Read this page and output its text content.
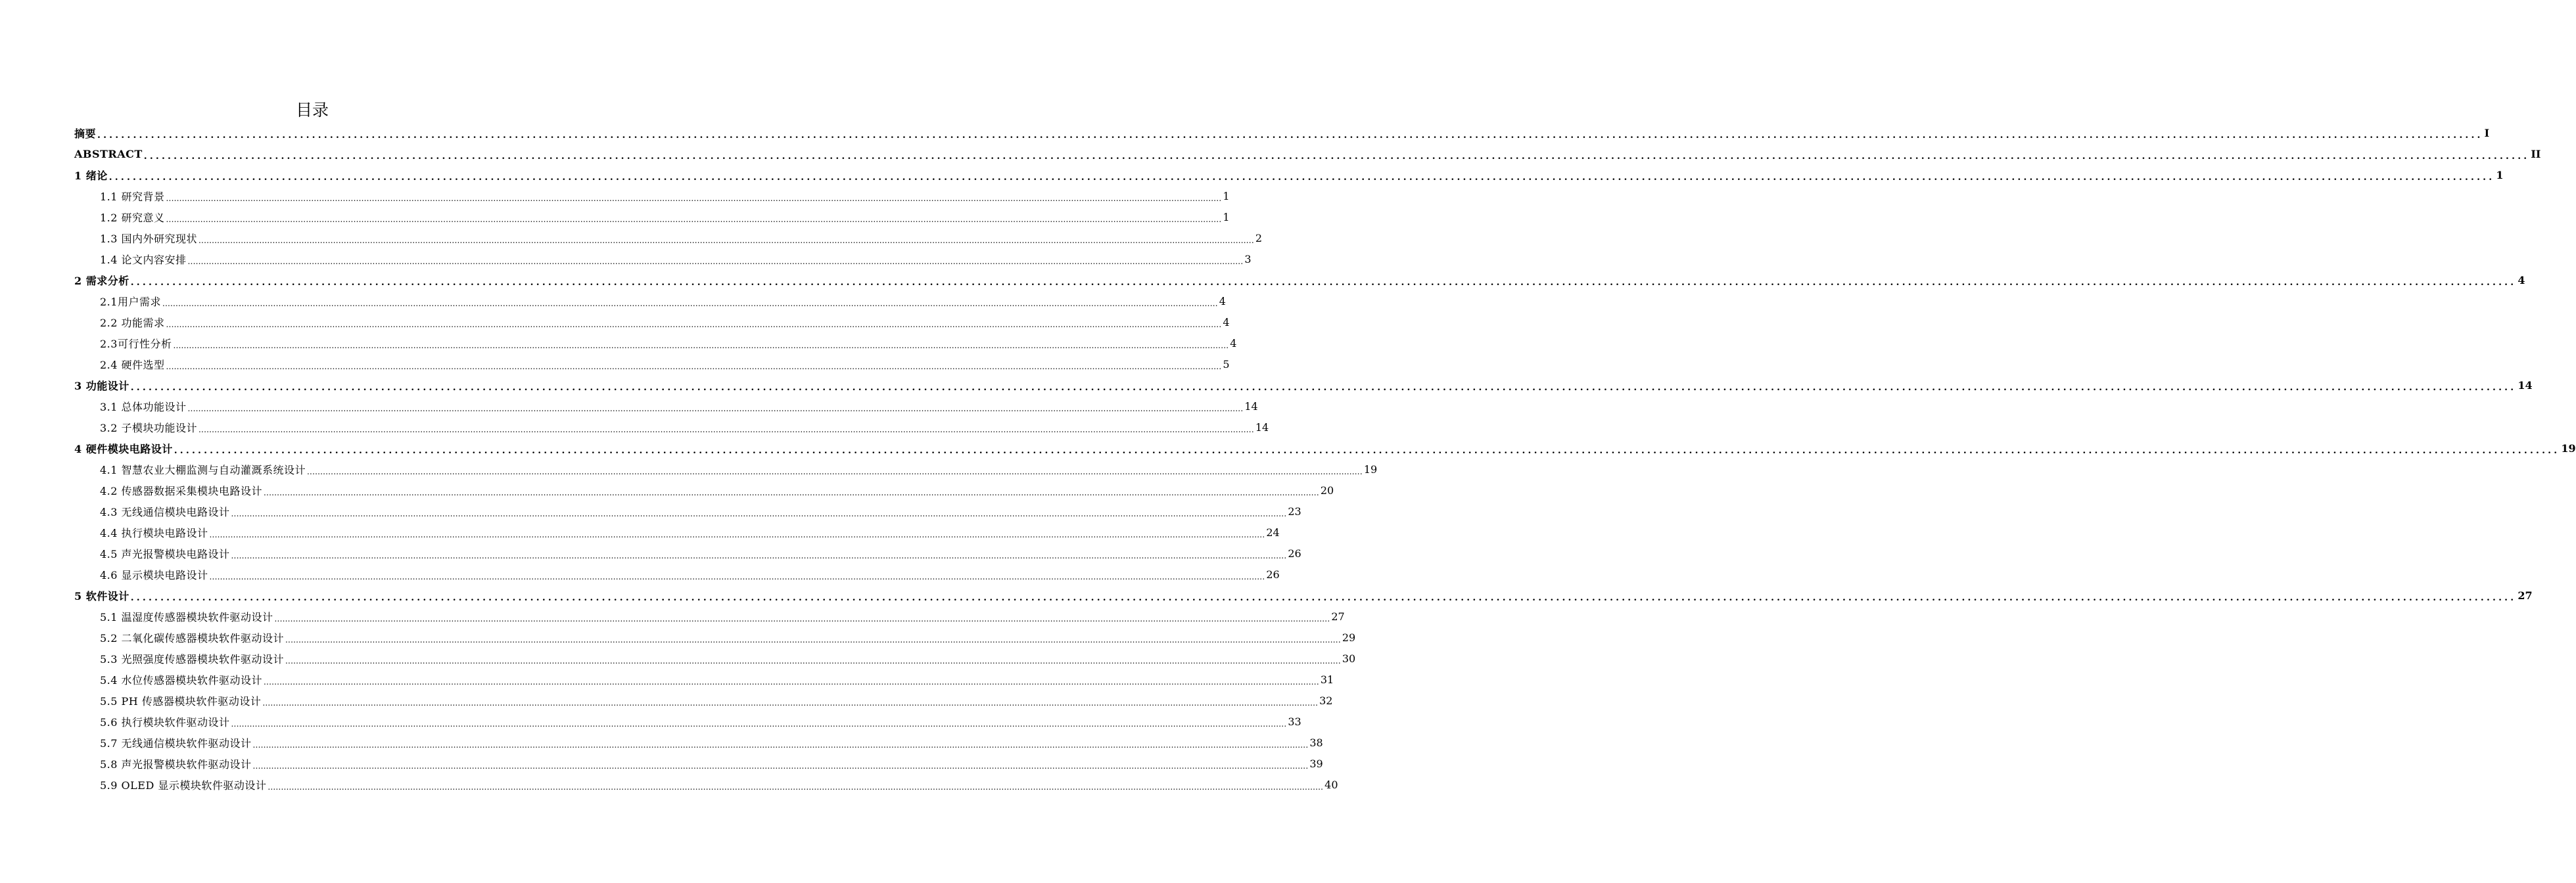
目录
摘要 ................................................................................................................................................................................................................................................................................................................................................................................................................ I
ABSTRACT ................................................................................................................................................................................................................................................................................................................................................................................................................ II
1 绪论 ................................................................................................................................................................................................................................................................................................................................................................................................................ 1
1.1 研究背景 ................................................................................................................................................................................................................................................................................................................................................................................................................ 1
1.2 研究意义 ................................................................................................................................................................................................................................................................................................................................................................................................................ 1
1.3 国内外研究现状 ................................................................................................................................................................................................................................................................................................................................................................................................................ 2
1.4 论文内容安排 ................................................................................................................................................................................................................................................................................................................................................................................................................ 3
2 需求分析 ................................................................................................................................................................................................................................................................................................................................................................................................................ 4
2.1用户需求 ................................................................................................................................................................................................................................................................................................................................................................................................................ 4
2.2 功能需求 ................................................................................................................................................................................................................................................................................................................................................................................................................ 4
2.3可行性分析 ................................................................................................................................................................................................................................................................................................................................................................................................................ 4
2.4 硬件选型 ................................................................................................................................................................................................................................................................................................................................................................................................................ 5
3 功能设计 ................................................................................................................................................................................................................................................................................................................................................................................................................ 14
3.1 总体功能设计 ................................................................................................................................................................................................................................................................................................................................................................................................................ 14
3.2 子模块功能设计 ................................................................................................................................................................................................................................................................................................................................................................................................................ 14
4 硬件模块电路设计 ................................................................................................................................................................................................................................................................................................................................................................................................................ 19
4.1 智慧农业大棚监测与自动灌溉系统设计 ................................................................................................................................................................................................................................................................................................................................................................................................................ 19
4.2 传感器数据采集模块电路设计 ................................................................................................................................................................................................................................................................................................................................................................................................................ 20
4.3 无线通信模块电路设计 ................................................................................................................................................................................................................................................................................................................................................................................................................ 23
4.4 执行模块电路设计 ................................................................................................................................................................................................................................................................................................................................................................................................................ 24
4.5 声光报警模块电路设计 ................................................................................................................................................................................................................................................................................................................................................................................................................ 26
4.6 显示模块电路设计 ................................................................................................................................................................................................................................................................................................................................................................................................................ 26
5 软件设计 ................................................................................................................................................................................................................................................................................................................................................................................................................ 27
5.1 温湿度传感器模块软件驱动设计 ................................................................................................................................................................................................................................................................................................................................................................................................................ 27
5.2 二氧化碳传感器模块软件驱动设计 ................................................................................................................................................................................................................................................................................................................................................................................................................ 29
5.3 光照强度传感器模块软件驱动设计 ................................................................................................................................................................................................................................................................................................................................................................................................................ 30
5.4 水位传感器模块软件驱动设计 ................................................................................................................................................................................................................................................................................................................................................................................................................ 31
5.5 PH 传感器模块软件驱动设计 ................................................................................................................................................................................................................................................................................................................................................................................................................ 32
5.6 执行模块软件驱动设计 ................................................................................................................................................................................................................................................................................................................................................................................................................ 33
5.7 无线通信模块软件驱动设计 ................................................................................................................................................................................................................................................................................................................................................................................................................ 38
5.8 声光报警模块软件驱动设计 ................................................................................................................................................................................................................................................................................................................................................................................................................ 39
5.9 OLED 显示模块软件驱动设计 ................................................................................................................................................................................................................................................................................................................................................................................................................ 40
